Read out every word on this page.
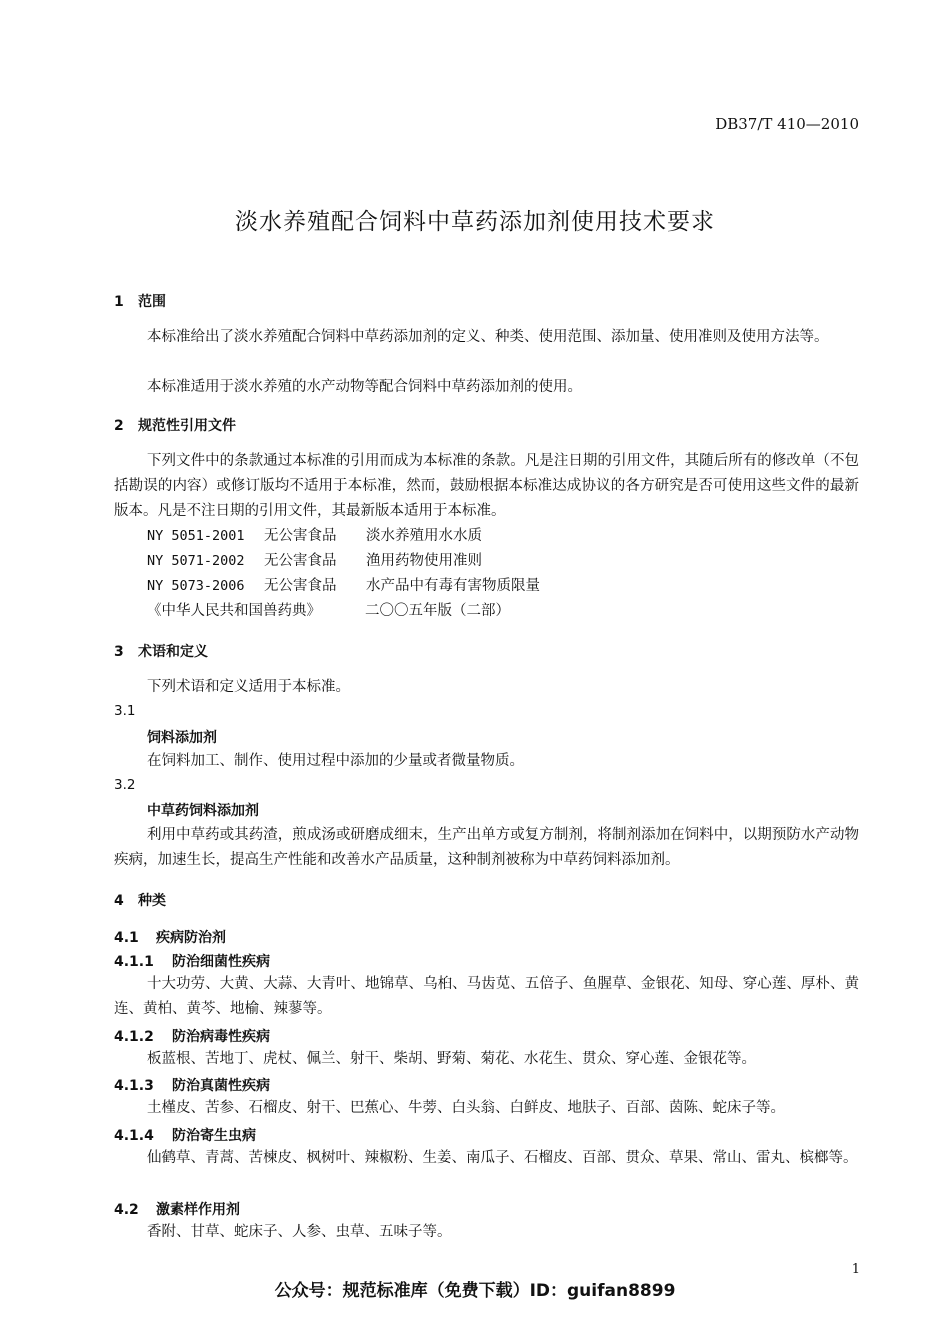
DB37/T 410—2010
淡水养殖配合饲料中草药添加剂使用技术要求
1 范围
本标准给出了淡水养殖配合饲料中草药添加剂的定义、种类、使用范围、添加量、使用准则及使用方法等。
本标准适用于淡水养殖的水产动物等配合饲料中草药添加剂的使用。
2 规范性引用文件
下列文件中的条款通过本标准的引用而成为本标准的条款。凡是注日期的引用文件，其随后所有的修改单（不包括勘误的内容）或修订版均不适用于本标准，然而，鼓励根据本标准达成协议的各方研究是否可使用这些文件的最新版本。凡是不注日期的引用文件，其最新版本适用于本标准。
NY 5051-2001 无公害食品 淡水养殖用水水质
NY 5071-2002 无公害食品 渔用药物使用准则
NY 5073-2006 无公害食品 水产品中有毒有害物质限量
《中华人民共和国兽药典》	二〇〇五年版（二部）
3 术语和定义
下列术语和定义适用于本标准。
3.1
饲料添加剂
在饲料加工、制作、使用过程中添加的少量或者微量物质。
3.2
中草药饲料添加剂
利用中草药或其药渣，煎成汤或研磨成细末，生产出单方或复方制剂，将制剂添加在饲料中，以期预防水产动物疾病，加速生长，提高生产性能和改善水产品质量，这种制剂被称为中草药饲料添加剂。
4 种类
4.1 疾病防治剂
4.1.1 防治细菌性疾病
十大功劳、大黄、大蒜、大青叶、地锦草、乌桕、马齿苋、五倍子、鱼腥草、金银花、知母、穿心莲、厚朴、黄连、黄柏、黄芩、地榆、辣蓼等。
4.1.2 防治病毒性疾病
板蓝根、苦地丁、虎杖、佩兰、射干、柴胡、野菊、菊花、水花生、贯众、穿心莲、金银花等。
4.1.3 防治真菌性疾病
土槿皮、苦参、石榴皮、射干、巴蕉心、牛蒡、白头翁、白鲜皮、地肤子、百部、茵陈、蛇床子等。
4.1.4 防治寄生虫病
仙鹤草、青蒿、苦楝皮、枫树叶、辣椒粉、生姜、南瓜子、石榴皮、百部、贯众、草果、常山、雷丸、槟榔等。
4.2 激素样作用剂
香附、甘草、蛇床子、人参、虫草、五味子等。
1
公众号：规范标准库（免费下载）ID：guifan8899
